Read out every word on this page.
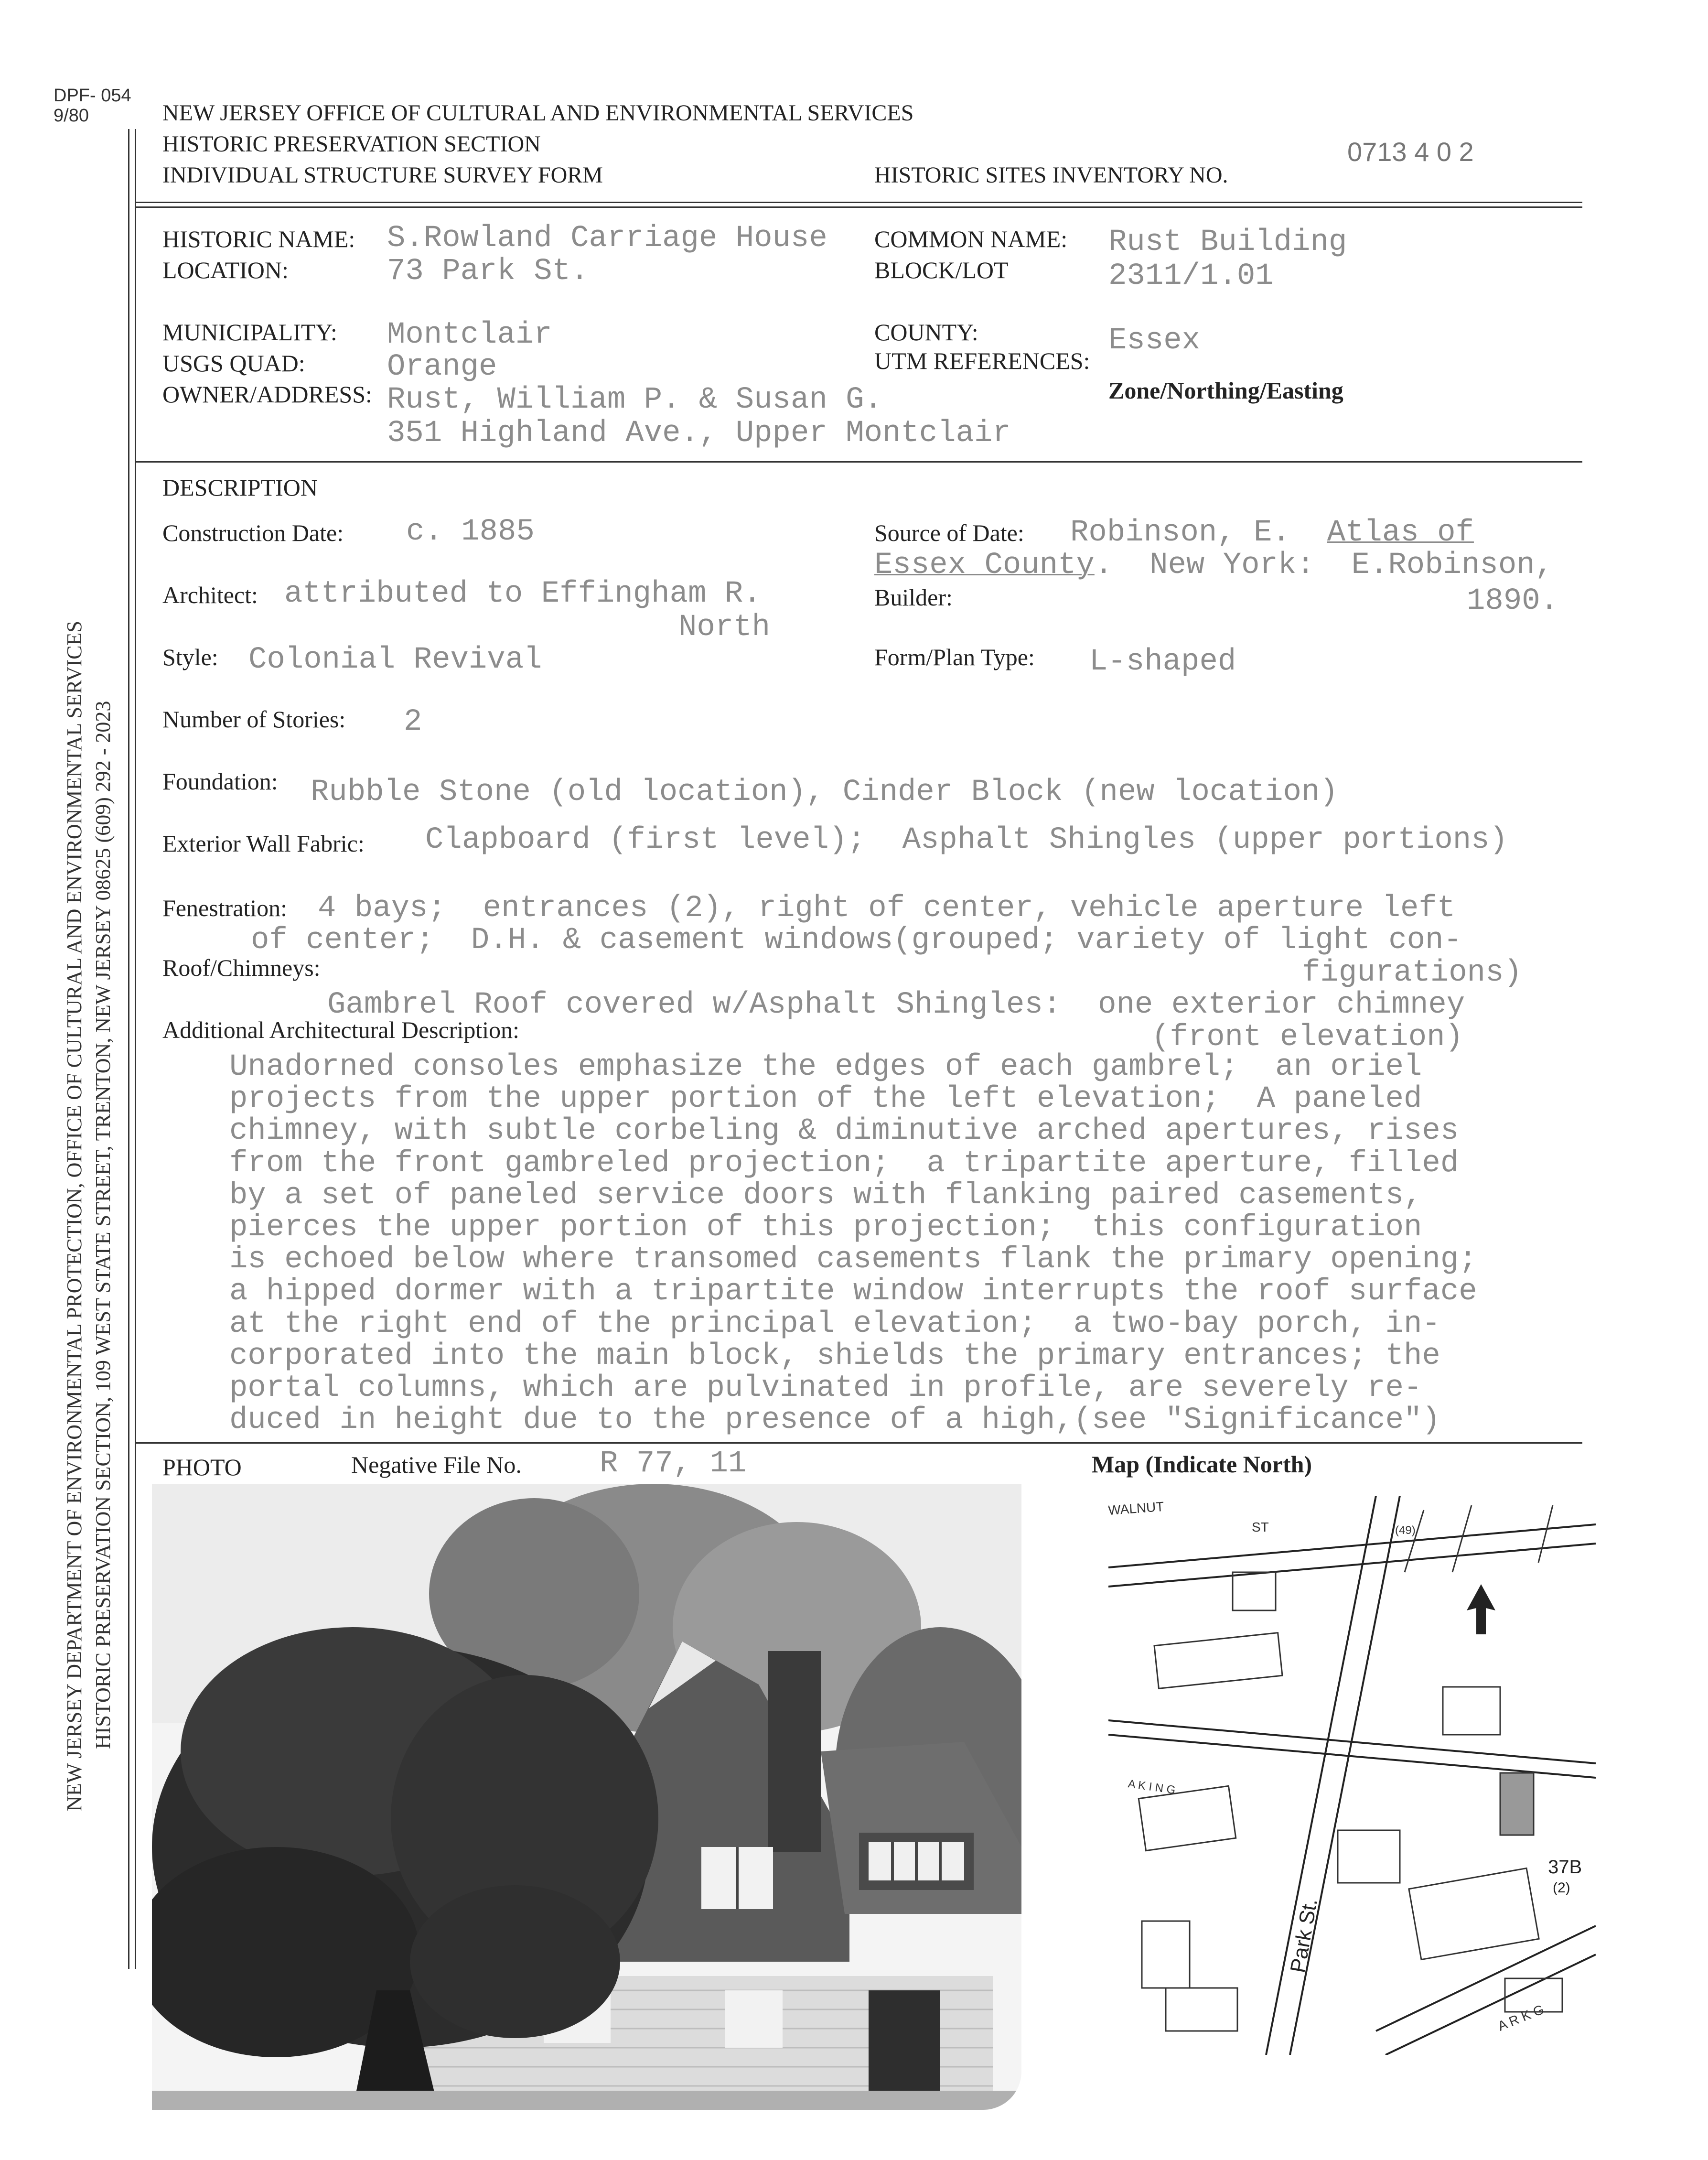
DPF- 054
9/80
NEW JERSEY DEPARTMENT OF ENVIRONMENTAL PROTECTION, OFFICE OF CULTURAL AND ENVIRONMENTAL SERVICES HISTORIC PRESERVATION SECTION, 109 WEST STATE STREET, TRENTON, NEW JERSEY 08625 (609) 292 - 2023
NEW JERSEY OFFICE OF CULTURAL AND ENVIRONMENTAL SERVICES
HISTORIC PRESERVATION SECTION
INDIVIDUAL STRUCTURE SURVEY FORM	HISTORIC SITES INVENTORY NO.
0713 4 0 2
HISTORIC NAME: S.Rowland Carriage House COMMON NAME: Rust Building
LOCATION:	73 Park St.	BLOCK/LOT	2311/1.01
MUNICIPALITY: Montclair	COUNTY:	Essex
USGS QUAD:	Orange	UTM REFERENCES:
Zone/Northing/Easting
OWNER/ADDRESS: Rust, William P. & Susan G.
351 Highland Ave., Upper Montclair
DESCRIPTION
Construction Date: c. 1885	Source of Date: Robinson, E.  Atlas of
Essex County.  New York:  E.Robinson,
1890.
Architect: attributed to Effingham R.
North
Builder:
Style: Colonial Revival	Form/Plan Type: L-shaped
Number of Stories: 2
Foundation: Rubble Stone (old location), Cinder Block (new location)
Exterior Wall Fabric: Clapboard (first level);  Asphalt Shingles (upper portions)
Fenestration: 4 bays;  entrances (2), right of center, vehicle aperture left
of center;  D.H. & casement windows(grouped; variety of light con-
figurations)
Roof/Chimneys:
Gambrel Roof covered w/Asphalt Shingles:  one exterior chimney
(front elevation)
Additional Architectural Description:
Unadorned consoles emphasize the edges of each gambrel;  an oriel
projects from the upper portion of the left elevation;  A paneled
chimney, with subtle corbeling & diminutive arched apertures, rises
from the front gambreled projection;  a tripartite aperture, filled
by a set of paneled service doors with flanking paired casements,
pierces the upper portion of this projection;  this configuration
is echoed below where transomed casements flank the primary opening;
a hipped dormer with a tripartite window interrupts the roof surface
at the right end of the principal elevation;  a two-bay porch, in-
corporated into the main block, shields the primary entrances; the
portal columns, which are pulvinated in profile, are severely re-
duced in height due to the presence of a high,(see "Significance")
PHOTO	Negative File No.	R 77, 11	Map (Indicate North)
WALNUT
ST	(49)
Park St.
37B
(2)
A K I N G
A R K G
